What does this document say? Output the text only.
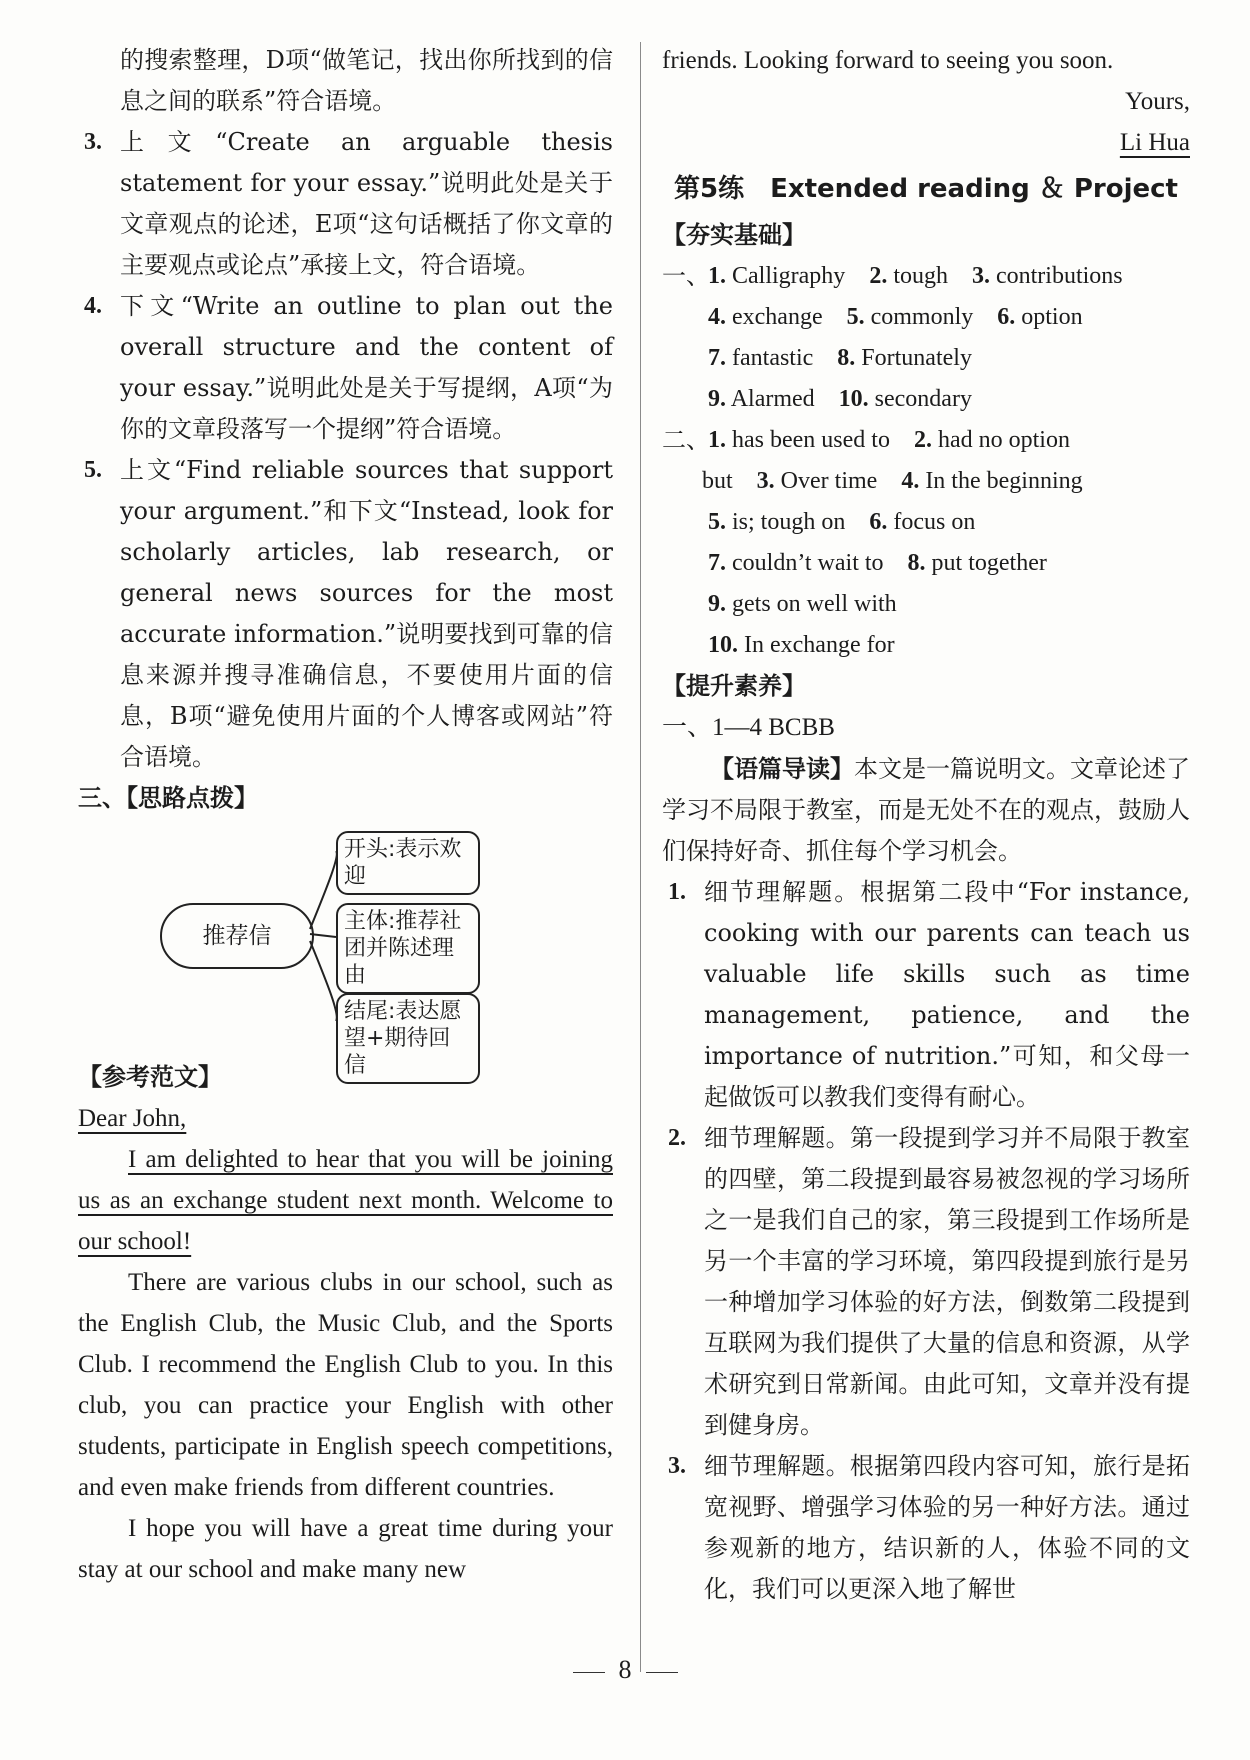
的搜索整理，D项“做笔记，找出你所找到的信息之间的联系”符合语境。

3. 上文“Create an arguable thesis statement for your essay.”说明此处是关于文章观点的论述，E项“这句话概括了你文章的主要观点或论点”承接上文，符合语境。

4. 下文“Write an outline to plan out the overall structure and the content of your essay.”说明此处是关于写提纲，A项“为你的文章段落写一个提纲”符合语境。

5. 上文“Find reliable sources that support your argument.”和下文“Instead, look for scholarly articles, lab research, or general news sources for the most accurate information.”说明要找到可靠的信息来源并搜寻准确信息，不要使用片面的信息，B项“避免使用片面的个人博客或网站”符合语境。

三、【思路点拨】

推荐信
开头:表示欢迎
主体:推荐社团并陈述理由
结尾:表达愿望+期待回信

【参考范文】

Dear John,

I am delighted to hear that you will be joining us as an exchange student next month. Welcome to our school!

There are various clubs in our school, such as the English Club, the Music Club, and the Sports Club. I recommend the English Club to you. In this club, you can practice your English with other students, participate in English speech competitions, and even make friends from different countries.

I hope you will have a great time during your stay at our school and make many new

friends. Looking forward to seeing you soon.

Yours,

Li Hua

第5练　Extended reading ＆ Project

【夯实基础】

一、

1. Calligraphy 2. tough 3. contributions

4. exchange 5. commonly 6. option

7. fantastic 8. Fortunately

9. Alarmed 10. secondary

二、

1. has been used to 2. had no option

but 3. Over time 4. In the beginning

5. is; tough on 6. focus on

7. couldn’t wait to 8. put together

9. gets on well with

10. In exchange for

【提升素养】

一、1—4 BCBB

【语篇导读】本文是一篇说明文。文章论述了学习不局限于教室，而是无处不在的观点，鼓励人们保持好奇、抓住每个学习机会。

1. 细节理解题。根据第二段中“For instance, cooking with our parents can teach us valuable life skills such as time management, patience, and the importance of nutrition.”可知，和父母一起做饭可以教我们变得有耐心。

2. 细节理解题。第一段提到学习并不局限于教室的四壁，第二段提到最容易被忽视的学习场所之一是我们自己的家，第三段提到工作场所是另一个丰富的学习环境，第四段提到旅行是另一种增加学习体验的好方法，倒数第二段提到互联网为我们提供了大量的信息和资源，从学术研究到日常新闻。由此可知，文章并没有提到健身房。

3. 细节理解题。根据第四段内容可知，旅行是拓宽视野、增强学习体验的另一种好方法。通过参观新的地方，结识新的人，体验不同的文化，我们可以更深入地了解世

8
